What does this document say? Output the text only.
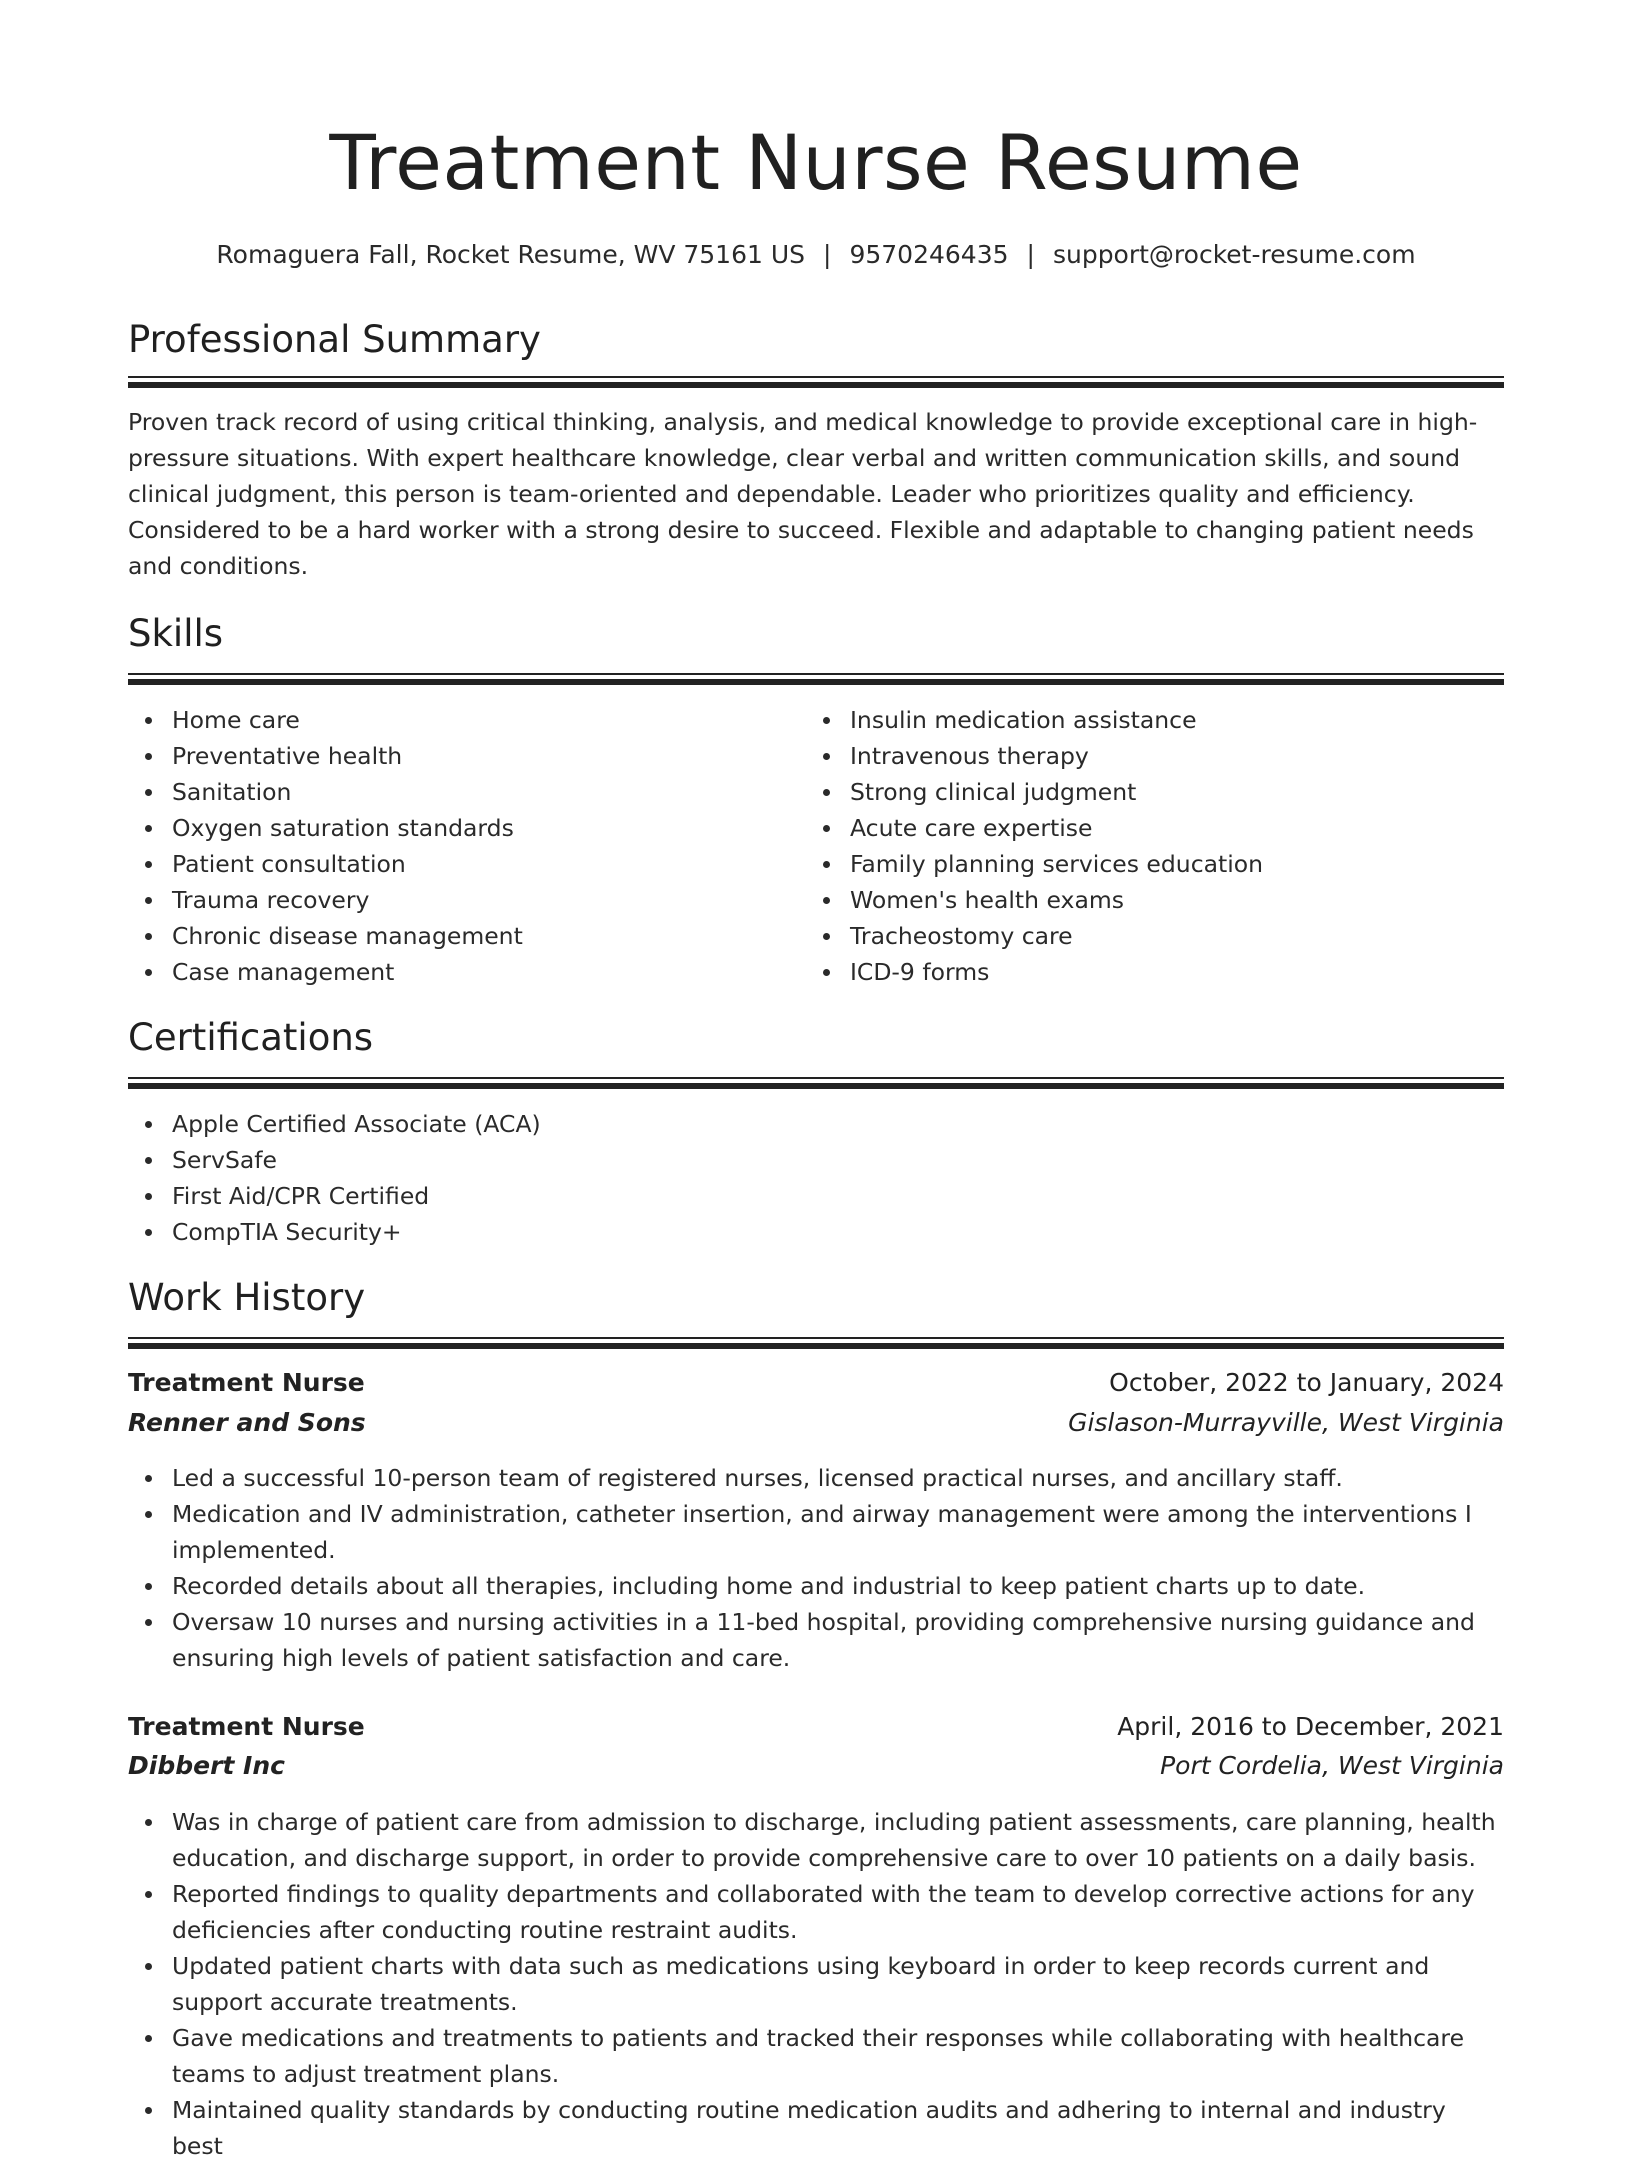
Treatment Nurse Resume
Romaguera Fall, Rocket Resume, WV 75161 US | 9570246435 | support@rocket-resume.com
Professional Summary

Proven track record of using critical thinking, analysis, and medical knowledge to provide exceptional care in high-pressure situations. With expert healthcare knowledge, clear verbal and written communication skills, and sound clinical judgment, this person is team-oriented and dependable. Leader who prioritizes quality and efficiency. Considered to be a hard worker with a strong desire to succeed. Flexible and adaptable to changing patient needs and conditions.

Skills
Home care
Preventative health
Sanitation
Oxygen saturation standards
Patient consultation
Trauma recovery
Chronic disease management
Case management
Insulin medication assistance
Intravenous therapy
Strong clinical judgment
Acute care expertise
Family planning services education
Women's health exams
Tracheostomy care
ICD-9 forms
Certifications
Apple Certified Associate (ACA)
ServSafe
First Aid/CPR Certified
CompTIA Security+
Work History
Treatment Nurse	October, 2022 to January, 2024
Renner and Sons	Gislason-Murrayville, West Virginia
Led a successful 10-person team of registered nurses, licensed practical nurses, and ancillary staff.
Medication and IV administration, catheter insertion, and airway management were among the interventions I implemented.
Recorded details about all therapies, including home and industrial to keep patient charts up to date.
Oversaw 10 nurses and nursing activities in a 11-bed hospital, providing comprehensive nursing guidance and ensuring high levels of patient satisfaction and care.
Treatment Nurse	April, 2016 to December, 2021
Dibbert Inc	Port Cordelia, West Virginia
Was in charge of patient care from admission to discharge, including patient assessments, care planning, health education, and discharge support, in order to provide comprehensive care to over 10 patients on a daily basis.
Reported findings to quality departments and collaborated with the team to develop corrective actions for any deficiencies after conducting routine restraint audits.
Updated patient charts with data such as medications using keyboard in order to keep records current and support accurate treatments.
Gave medications and treatments to patients and tracked their responses while collaborating with healthcare teams to adjust treatment plans.
Maintained quality standards by conducting routine medication audits and adhering to internal and industry best
